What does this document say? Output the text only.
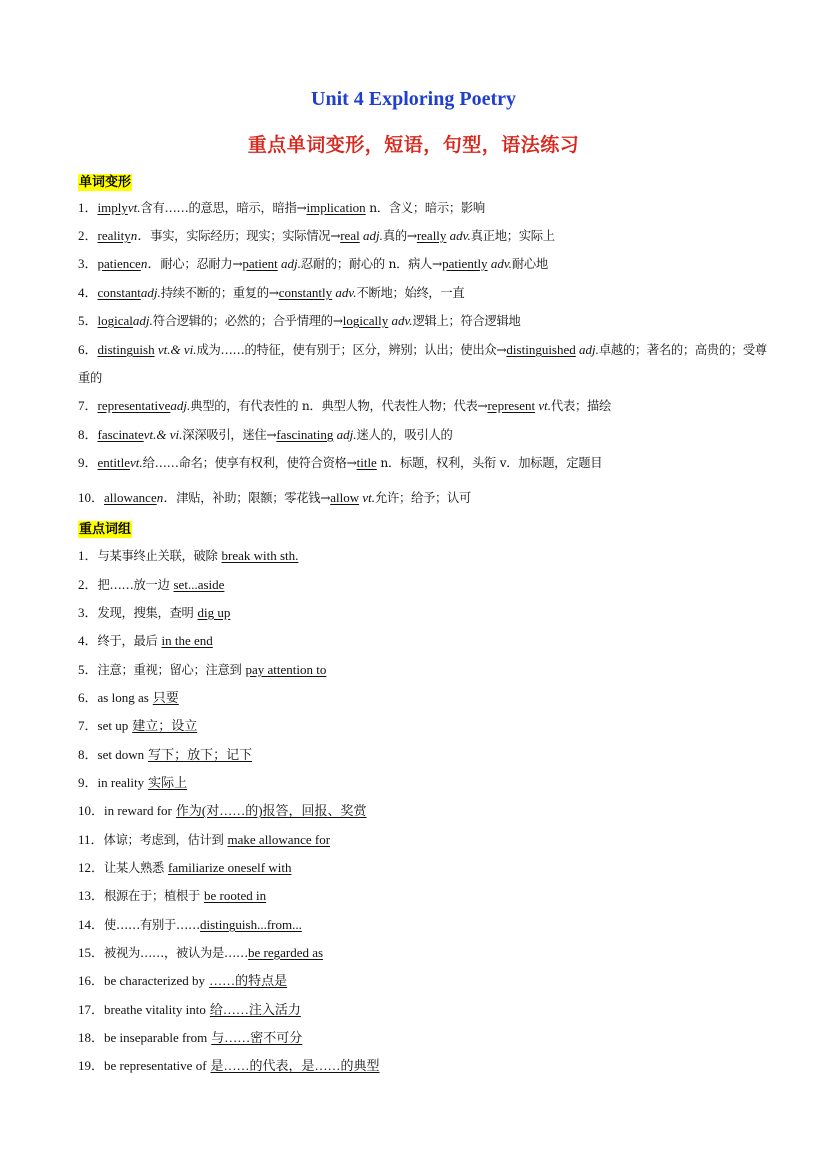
Unit 4 Exploring Poetry
重点单词变形，短语，句型，语法练习
单词变形
1．implyvt.含有……的意思，暗示，暗指→implication n．含义；暗示；影响
2．realityn．事实，实际经历；现实；实际情况→real adj.真的→really adv.真正地；实际上
3．patiencen．耐心；忍耐力→patient adj.忍耐的；耐心的 n．病人→patiently adv.耐心地
4．constantadj.持续不断的；重复的→constantly adv.不断地；始终，一直
5．logicaladj.符合逻辑的；必然的；合乎情理的→logically adv.逻辑上；符合逻辑地
6．distinguish vt.& vi.成为……的特征，使有别于；区分，辨别；认出；使出众→distinguished adj.卓越的；著名的；高贵的；受尊重的
7．representativeadj.典型的，有代表性的 n．典型人物，代表性人物；代表→represent vt.代表；描绘
8．fascinatevt.& vi.深深吸引，迷住→fascinating adj.迷人的，吸引人的
9．entitlevt.给……命名；使享有权利，使符合资格→title n．标题，权利，头衔 v．加标题，定题目
10．allowancen．津贴，补助；限额；零花钱→allow vt.允许；给予；认可
重点词组
1．与某事终止关联，破除 break with sth.
2．把……放一边 set...aside
3．发现，搜集，查明 dig up
4．终于，最后 in the end
5．注意；重视；留心；注意到 pay attention to
6．as long as 只要
7．set up 建立；设立
8．set down 写下；放下；记下
9．in reality 实际上
10．in reward for 作为(对……的)报答，回报、奖赏
11．体谅；考虑到，估计到 make allowance for
12．让某人熟悉 familiarize oneself with
13．根源在于；植根于 be rooted in
14．使……有别于……distinguish...from...
15．被视为……，被认为是……be regarded as
16．be characterized by ……的特点是
17．breathe vitality into 给……注入活力
18．be inseparable from 与……密不可分
19．be representative of 是……的代表，是……的典型
